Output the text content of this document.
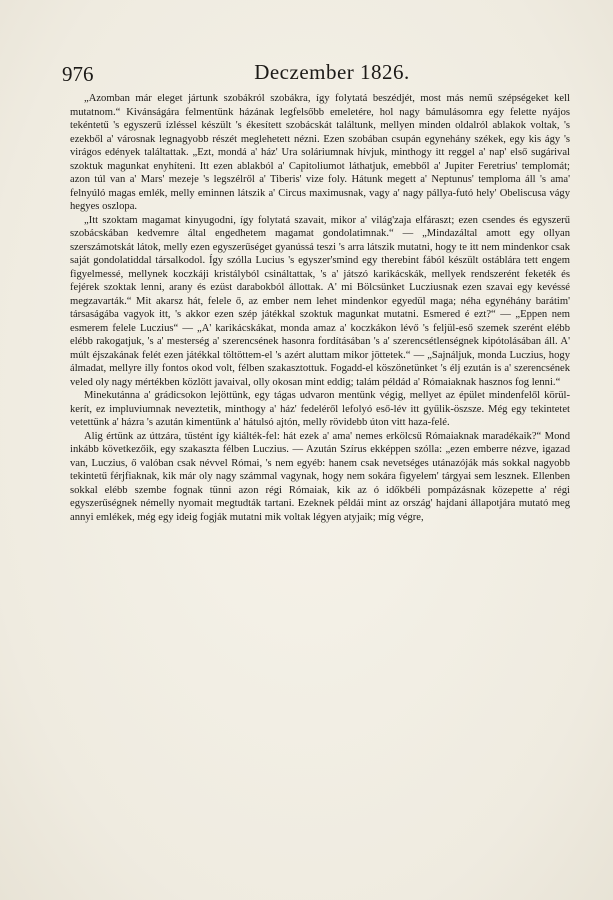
976	Deczember 1826.

„Azomban már eleget jártunk szobákról szobákra, így folytatá beszédjét, most más nemű szépségeket kell mutatnom.“ Kivánságára felmentünk házának legfelsőbb emeletére, hol nagy bámulásomra egy felette nyájos tekéntetű 's egyszerű ízléssel készült 's ékesített szobácskát találtunk, mellyen minden oldalról ablakok voltak, 's ezekből a' városnak legnagyobb részét meglehetett nézni. Ezen szobában csupán egynehány székek, egy kis ágy 's virágos edények találtattak. „Ezt, mondá a' ház' Ura soláriumnak hívjuk, minthogy itt reggel a' nap' első sugárival szoktuk magunkat enyhíteni. Itt ezen ablakból a' Capitoliumot láthatjuk, emebből a' Jupiter Feretrius' templomát; azon túl van a' Mars' mezeje 's legszélről a' Tiberis' vize foly. Hátunk megett a' Neptunus' temploma áll 's ama' felnyúló magas emlék, melly eminnen látszik a' Circus maximusnak, vagy a' nagy pállya-futó hely' Obeliscusa vágy hegyes oszlopa.

„Itt szoktam magamat kinyugodni, így folytatá szavait, mikor a' világ'zaja elfáraszt; ezen csendes és egyszerű szobácskában kedvemre által engedhetem magamat gondolatimnak.“ — „Mindazáltal amott egy ollyan szerszámotskát látok, melly ezen egyszerűséget gyanússá teszi 's arra látszik mutatni, hogy te itt nem mindenkor csak saját gondolatiddal társalkodol. Így szólla Lucius 's egyszer'smind egy therebint fából készült ostáblára tett engem figyelmessé, mellynek koczkáji kristályból csináltattak, 's a' játszó karikácskák, mellyek rendszerént feketék és fejérek szoktak lenni, arany és ezüst darabokból állottak. A' mi Bölcsünket Lucziusnak ezen szavai egy kevéssé megzavarták.“ Mit akarsz hát, felele ő, az ember nem lehet mindenkor egyedül maga; néha egynéhány barátim' társaságába vagyok itt, 's akkor ezen szép játékkal szoktuk magunkat mutatni. Esmered é ezt?“ — „Eppen nem esmerem felele Luczius“ — „A' karikácskákat, monda amaz a' koczkákon lévő 's feljül-eső szemek szerént elébb elébb rakogatjuk, 's a' mesterség a' szerencsének hasonra fordításában 's a' szerencsétlenségnek kipótolásában áll. A' múlt éjszakának felét ezen játékkal töltöttem-el 's azért aluttam mikor jöttetek.“ — „Sajnáljuk, monda Luczius, hogy álmadat, mellyre illy fontos okod volt, félben szakasztottuk. Fogadd-el köszönetünket 's élj ezután is a' szerencsének veled oly nagy mértékben közlött javaival, olly okosan mint eddig; talám példád a' Rómaiaknak hasznos fog lenni.“

Minekutánna a' grádicsokon lejöttünk, egy tágas udvaron mentünk végig, mellyet az épület mindenfelől körül-kerít, ez impluviumnak neveztetik, minthogy a' ház' fedeléről lefolyó eső-lév itt gyűlik-öszsze. Még egy tekintetet vetettünk a' házra 's azután kimentünk a' hátulsó ajtón, melly rövidebb úton vitt haza-felé.

Alig értünk az úttzára, tüstént így kiálték-fel: hát ezek a' ama' nemes erkölcsű Rómaiaknak maradékaik?“ Mond inkább következőik, egy szakaszta félben Luczius. — Azután Szírus ekképpen szólla: „ezen emberre nézve, igazad van, Luczius, ő valóban csak névvel Római, 's nem egyéb: hanem csak nevetséges utánazóják más sokkal nagyobb tekintetű férjfiaknak, kik már oly nagy számmal vagynak, hogy nem sokára figyelem' tárgyai sem lesznek. Ellenben sokkal elébb szembe fognak tünni azon régi Rómaiak, kik az ó időkbéli pompázásnak közepette a' régi egyszerűségnek némelly nyomait megtudták tartani. Ezeknek példái mint az ország' hajdani állapotjára mutató meg annyi emlékek, még egy ideig fogják mutatni mik voltak légyen atyjaik; míg végre,
